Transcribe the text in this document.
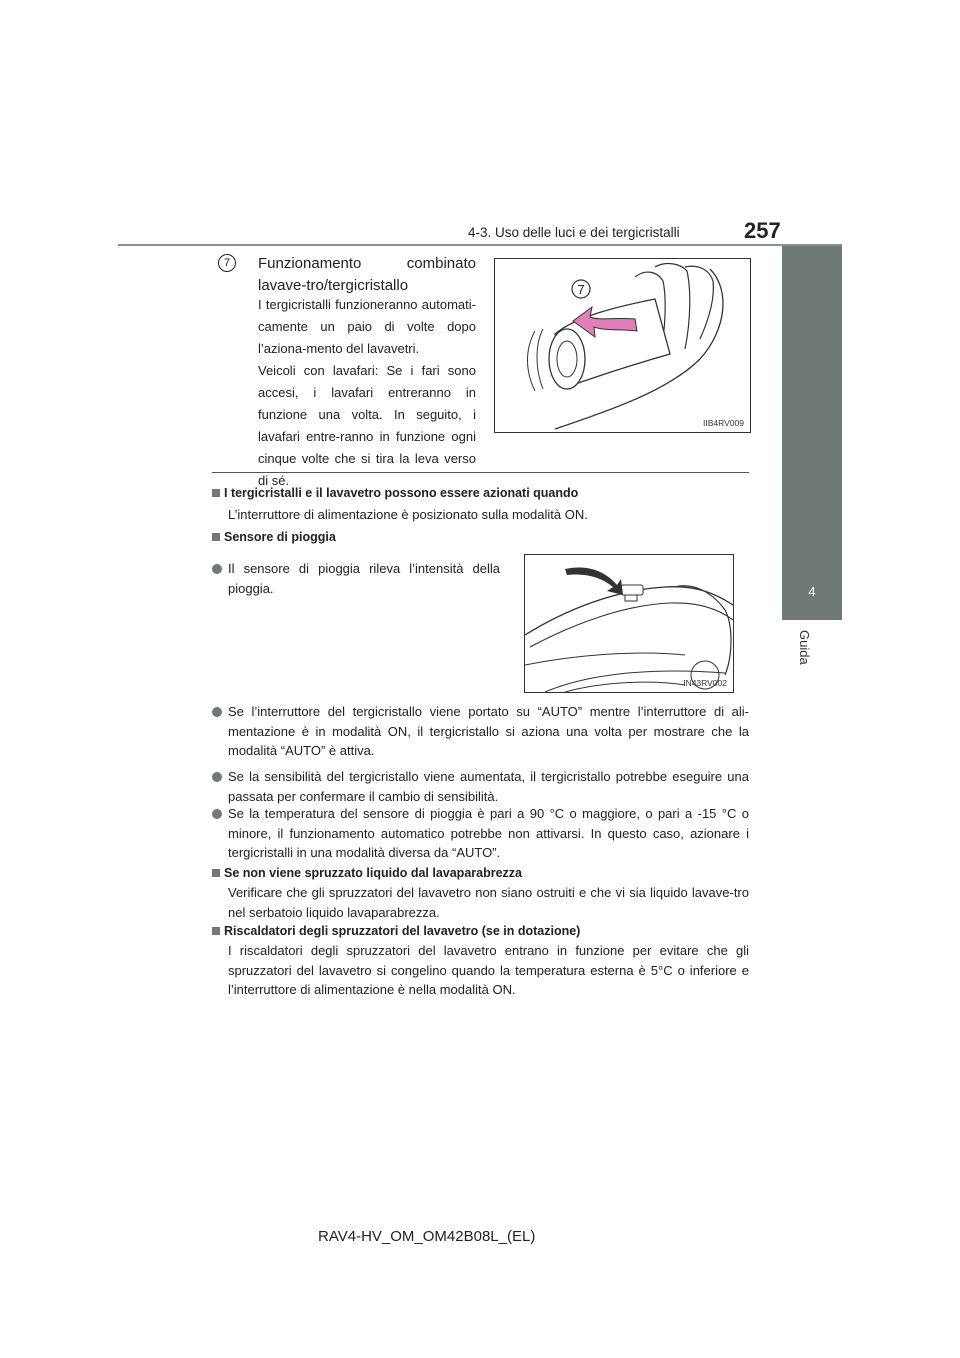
4-3. Uso delle luci e dei tergicristalli	257
4
Guida
7 Funzionamento combinato lavave-tro/tergicristallo
I tergicristalli funzioneranno automati-camente un paio di volte dopo l’aziona-mento del lavavetri.
Veicoli con lavafari: Se i fari sono accesi, i lavafari entreranno in funzione una volta. In seguito, i lavafari entre-ranno in funzione ogni cinque volte che si tira la leva verso di sé.
7
IIB4RV009
I tergicristalli e il lavavetro possono essere azionati quando
L’interruttore di alimentazione è posizionato sulla modalità ON.
Sensore di pioggia
Il sensore di pioggia rileva l’intensità della pioggia.
IN43RV002
Se l’interruttore del tergicristallo viene portato su “AUTO” mentre l’interruttore di ali-mentazione è in modalità ON, il tergicristallo si aziona una volta per mostrare che la modalità “AUTO” è attiva.
Se la sensibilità del tergicristallo viene aumentata, il tergicristallo potrebbe eseguire una passata per confermare il cambio di sensibilità.
Se la temperatura del sensore di pioggia è pari a 90 °C o maggiore, o pari a -15 °C o minore, il funzionamento automatico potrebbe non attivarsi. In questo caso, azionare i tergicristalli in una modalità diversa da “AUTO”.
Se non viene spruzzato liquido dal lavaparabrezza
Verificare che gli spruzzatori del lavavetro non siano ostruiti e che vi sia liquido lavave-tro nel serbatoio liquido lavaparabrezza.
Riscaldatori degli spruzzatori del lavavetro (se in dotazione)
I riscaldatori degli spruzzatori del lavavetro entrano in funzione per evitare che gli spruzzatori del lavavetro si congelino quando la temperatura esterna è 5°C o inferiore e l’interruttore di alimentazione è nella modalità ON.
RAV4-HV_OM_OM42B08L_(EL)
